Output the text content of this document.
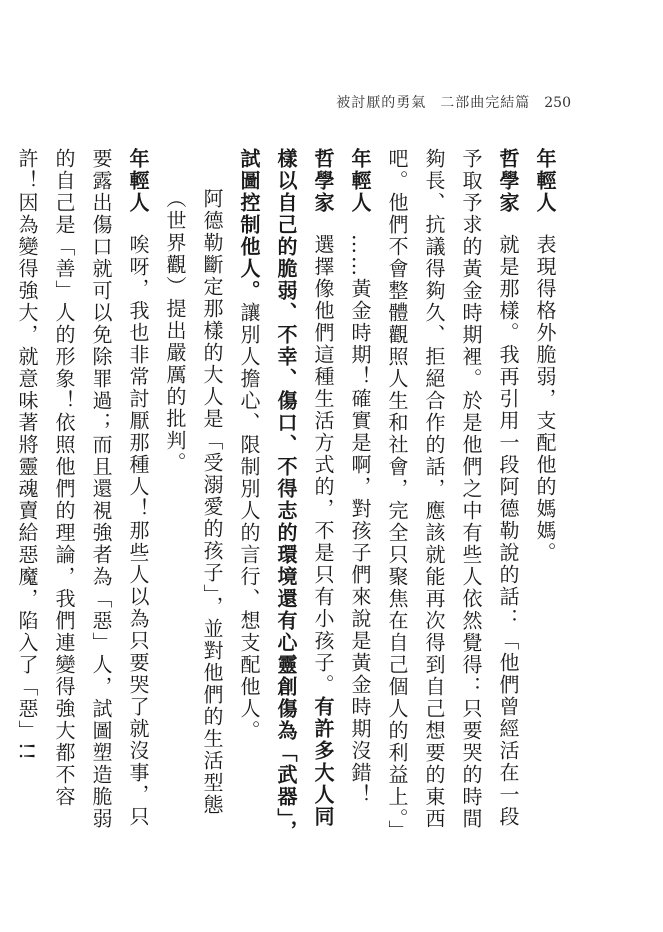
被討厭的勇氣 二部曲完結篇 250

年輕人表現得格外脆弱，支配他的媽媽。

哲學家就是那樣。我再引用一段阿德勒說的話：「他們曾經活在一段予取予求的黃金時期裡。於是他們之中有些人依然覺得：只要哭的時間夠長、抗議得夠久、拒絕合作的話，應該就能再次得到自己想要的東西吧。他們不會整體觀照人生和社會，完全只聚焦在自己個人的利益上。」

年輕人……黃金時期！確實是啊，對孩子們來說是黃金時期沒錯！

哲學家選擇像他們這種生活方式的，不是只有小孩子。有許多大人同樣以自己的脆弱、不幸、傷口、不得志的環境還有心靈創傷為「武器」，試圖控制他人。讓別人擔心、限制別人的言行、想支配他人。

阿德勒斷定那樣的大人是「受溺愛的孩子」，並對他們的生活型態（世界觀）提出嚴厲的批判。

年輕人唉呀，我也非常討厭那種人！那些人以為只要哭了就沒事，只要露出傷口就可以免除罪過；而且還視強者為「惡」人，試圖塑造脆弱的自己是「善」人的形象！依照他們的理論，我們連變得強大都不容許！因為變得強大，就意味著將靈魂賣給惡魔，陷入了「惡」!!
